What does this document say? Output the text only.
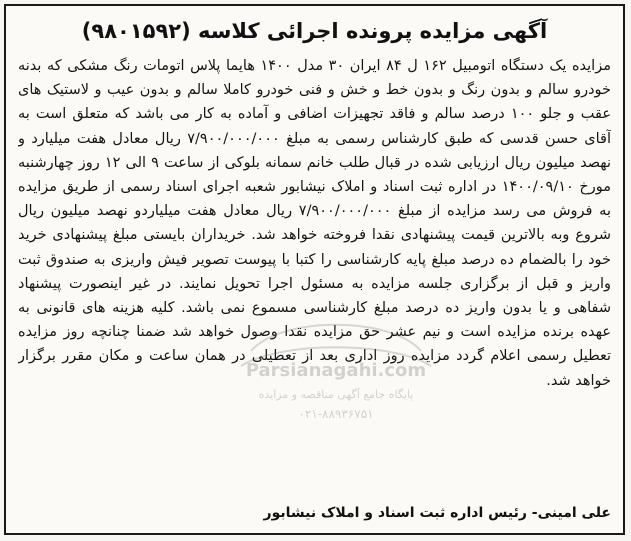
آگهی مزایده پرونده اجرائی کلاسه (۹۸۰۱۵۹۲)

مزایده یک دستگاه اتومبیل ۱۶۲ ل ۸۴ ایران ۳۰ مدل ۱۴۰۰ هایما پلاس اتومات رنگ مشکی که بدنه خودرو سالم و بدون رنگ و بدون خط و خش و فنی خودرو کاملا سالم و بدون عیب و لاستیک های عقب و جلو ۱۰۰ درصد سالم و فاقد تجهیزات اضافی و آماده به کار می باشد که متعلق است به آقای حسن قدسی که طبق کارشناس رسمی به مبلغ ۷/۹۰۰/۰۰۰/۰۰۰ ریال معادل هفت میلیارد و نهصد میلیون ریال ارزیابی شده در قبال طلب خانم سمانه بلوکی از ساعت ۹ الی ۱۲ روز چهارشنبه مورخ ۱۴۰۰/۰۹/۱۰ در اداره ثبت اسناد و املاک نیشابور شعبه اجرای اسناد رسمی از طریق مزایده به فروش می رسد مزایده از مبلغ ۷/۹۰۰/۰۰۰/۰۰۰ ریال معادل هفت میلیاردو نهصد میلیون ریال شروع وبه بالاترین قیمت پیشنهادی نقدا فروخته خواهد شد. خریداران بایستی مبلغ پیشنهادی خرید خود را بالضمام ده درصد مبلغ پایه کارشناسی را کتبا با پیوست تصویر فیش واریزی به صندوق ثبت واریز و قبل از برگزاری جلسه مزایده به مسئول اجرا تحویل نمایند. در غیر اینصورت پیشنهاد شفاهی و یا بدون واریز ده درصد مبلغ کارشناسی مسموع نمی باشد. کلیه هزینه های قانونی به عهده برنده مزایده است و نیم عشر حق مزایده نقدا وصول خواهد شد ضمنا چنانچه روز مزایده تعطیل رسمی اعلام گردد مزایده روز اداری بعد از تعطیلی در همان ساعت و مکان مقرر برگزار خواهد شد.

Parsianagahi.com
پایگاه جامع آگهی مناقصه و مزایده
۰۲۱-۸۸۹۳۶۷۵۱
علی امینی- رئیس اداره ثبت اسناد و املاک نیشابور
